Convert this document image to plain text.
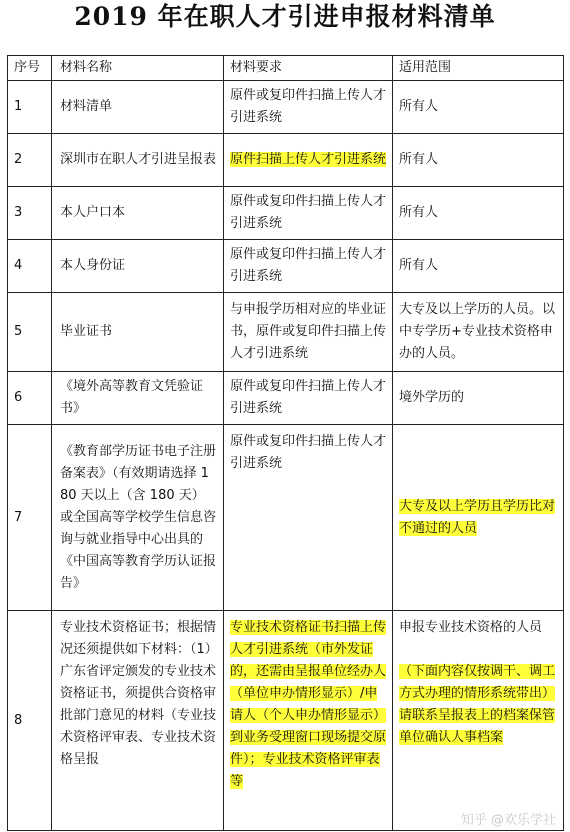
2019 年在职人才引进申报材料清单
序号	材料名称	材料要求	适用范围
1	材料清单	原件或复印件扫描上传人才引进系统	所有人
2	深圳市在职人才引进呈报表	原件扫描上传人才引进系统	所有人
3	本人户口本	原件或复印件扫描上传人才引进系统	所有人
4	本人身份证	原件或复印件扫描上传人才引进系统	所有人
5	毕业证书	与申报学历相对应的毕业证书，原件或复印件扫描上传人才引进系统	大专及以上学历的人员。以中专学历+专业技术资格申办的人员。
6	《境外高等教育文凭验证书》	原件或复印件扫描上传人才引进系统	境外学历的
7	《教育部学历证书电子注册备案表》（有效期请选择 180 天以上（含 180 天）或全国高等学校学生信息咨询与就业指导中心出具的《中国高等教育学历认证报告》	原件或复印件扫描上传人才引进系统	大专及以上学历且学历比对不通过的人员
8	专业技术资格证书；根据情况还须提供如下材料：（1）广东省评定颁发的专业技术资格证书，须提供合资格审批部门意见的材料（专业技术资格评审表、专业技术资格呈报	专业技术资格证书扫描上传人才引进系统（市外发证的，还需由呈报单位经办人（单位申办情形显示）/申请人（个人申办情形显示）到业务受理窗口现场提交原件）；专业技术资格评审表等	申报专业技术资格的人员
（下面内容仅按调干、调工方式办理的情形系统带出）请联系呈报表上的档案保管单位确认人事档案
知乎 @欢乐学社
